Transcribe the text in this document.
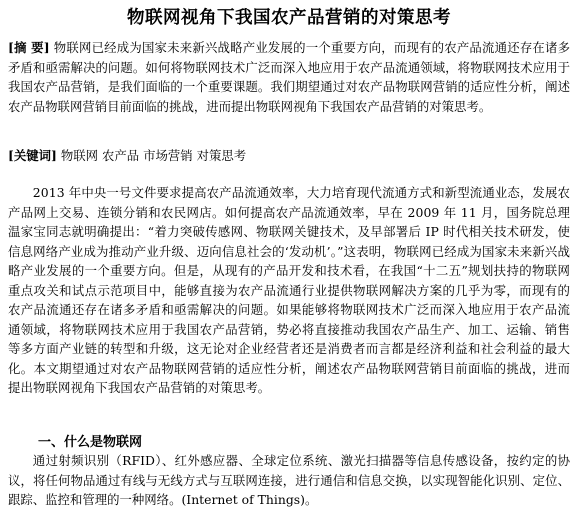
物联网视角下我国农产品营销的对策思考
[摘 要] 物联网已经成为国家未来新兴战略产业发展的一个重要方向，而现有的农产品流通还存在诸多矛盾和亟需解决的问题。如何将物联网技术广泛而深入地应用于农产品流通领域，将物联网技术应用于我国农产品营销，是我们面临的一个重要课题。我们期望通过对农产品物联网营销的适应性分析，阐述农产品物联网营销目前面临的挑战，进而提出物联网视角下我国农产品营销的对策思考。
[关键词] 物联网 农产品 市场营销 对策思考
2013 年中央一号文件要求提高农产品流通效率，大力培育现代流通方式和新型流通业态，发展农产品网上交易、连锁分销和农民网店。如何提高农产品流通效率，早在 2009 年 11 月，国务院总理温家宝同志就明确提出：“着力突破传感网、物联网关键技术，及早部署后 IP 时代相关技术研发，使信息网络产业成为推动产业升级、迈向信息社会的‘发动机’。”这表明，物联网已经成为国家未来新兴战略产业发展的一个重要方向。但是，从现有的产品开发和技术看，在我国“十二五”规划扶持的物联网重点攻关和试点示范项目中，能够直接为农产品流通行业提供物联网解决方案的几乎为零，而现有的农产品流通还存在诸多矛盾和亟需解决的问题。如果能够将物联网技术广泛而深入地应用于农产品流通领域，将物联网技术应用于我国农产品营销，势必将直接推动我国农产品生产、加工、运输、销售等多方面产业链的转型和升级，这无论对企业经营者还是消费者而言都是经济利益和社会利益的最大化。本文期望通过对农产品物联网营销的适应性分析，阐述农产品物联网营销目前面临的挑战，进而提出物联网视角下我国农产品营销的对策思考。
一、什么是物联网
通过射频识别（RFID）、红外感应器、全球定位系统、激光扫描器等信息传感设备，按约定的协议，将任何物品通过有线与无线方式与互联网连接，进行通信和信息交换，以实现智能化识别、定位、跟踪、监控和管理的一种网络。(Internet of Things)。
